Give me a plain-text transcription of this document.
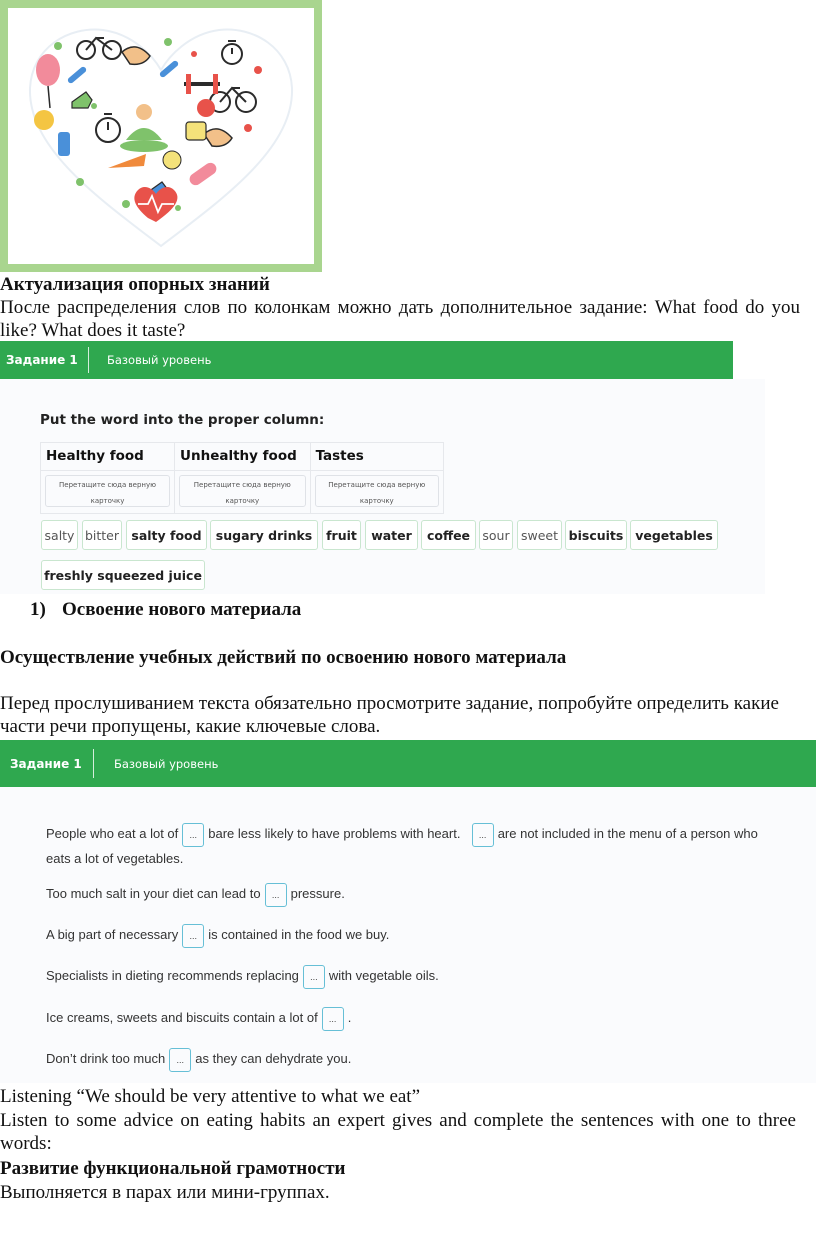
Актуализация опорных знаний
После распределения слов по колонкам можно дать дополнительное задание: What food do you like? What does it taste?
Задание 1	Базовый уровень
Put the word into the proper column:
Healthy food	Unhealthy food	Tastes

Перетащите сюда верную карточку	Перетащите сюда верную карточку	Перетащите сюда верную карточку
salty bitter salty food	sugary drinks	fruit	water	coffee sour sweet biscuits vegetables
freshly squeezed juice
1) Освоение нового материала
Осуществление учебных действий по освоению нового материала
Перед прослушиванием текста обязательно просмотрите задание, попробуйте определить какие части речи пропущены, какие ключевые слова.
Задание 1	Базовый уровень
People who eat a lot of ... bare less likely to have problems with heart. ... are not included in the menu of a person who
eats a lot of vegetables.
Too much salt in your diet can lead to ... pressure.
A big part of necessary ... is contained in the food we buy.
Specialists in dieting recommends replacing ... with vegetable oils.
Ice creams, sweets and biscuits contain a lot of ... .
Don’t drink too much ... as they can dehydrate you.
Listening “We should be very attentive to what we eat”
Listen to some advice on eating habits an expert gives and complete the sentences with one to three words:
Развитие функциональной грамотности
Выполняется в парах или мини-группах.
